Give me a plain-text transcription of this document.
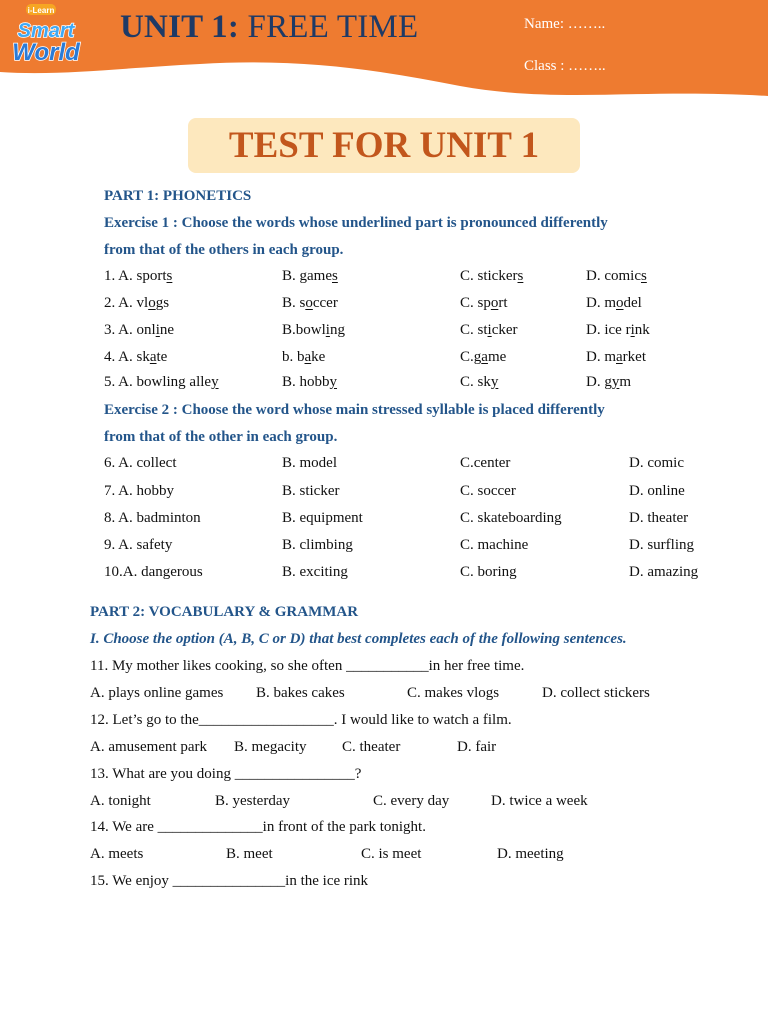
UNIT 1: FREE TIME	Name: ……..
Class : ……..
i-Learn
Smart
World
TEST FOR UNIT 1
PART 1: PHONETICS
Exercise 1 : Choose the words whose underlined part is pronounced differently
from that of the others in each group.
1. A. sports	B. games	C. stickers	D. comics
2. A. vlogs	B. soccer	C. sport	D. model
3. A. online	B.bowling	C. sticker	D. ice rink
4. A. skate	b. bake	C.game	D. market
5. A. bowling alley	B. hobby	C. sky	D. gym
Exercise 2 : Choose the word whose main stressed syllable is placed differently
from that of the other in each group.
6. A. collect	B. model	C.center	D. comic
7. A. hobby	B. sticker	C. soccer	D. online
8. A. badminton	B. equipment	C. skateboarding	D. theater
9. A. safety	B. climbing	C. machine	D. surfling
10.A. dangerous	B. exciting	C. boring	D. amazing
PART 2: VOCABULARY & GRAMMAR
I. Choose the option (A, B, C or D) that best completes each of the following sentences.
11. My mother likes cooking, so she often ___________in her free time.
A. plays online games B. bakes cakes	C. makes vlogs	D. collect stickers
12. Let’s go to the__________________. I would like to watch a film.
A. amusement park B. megacity C. theater	D. fair
13. What are you doing ________________?
A. tonight	B. yesterday	C. every day	D. twice a week
14. We are ______________in front of the park tonight.
A. meets	B. meet	C. is meet	D. meeting
15. We enjoy _______________in the ice rink
